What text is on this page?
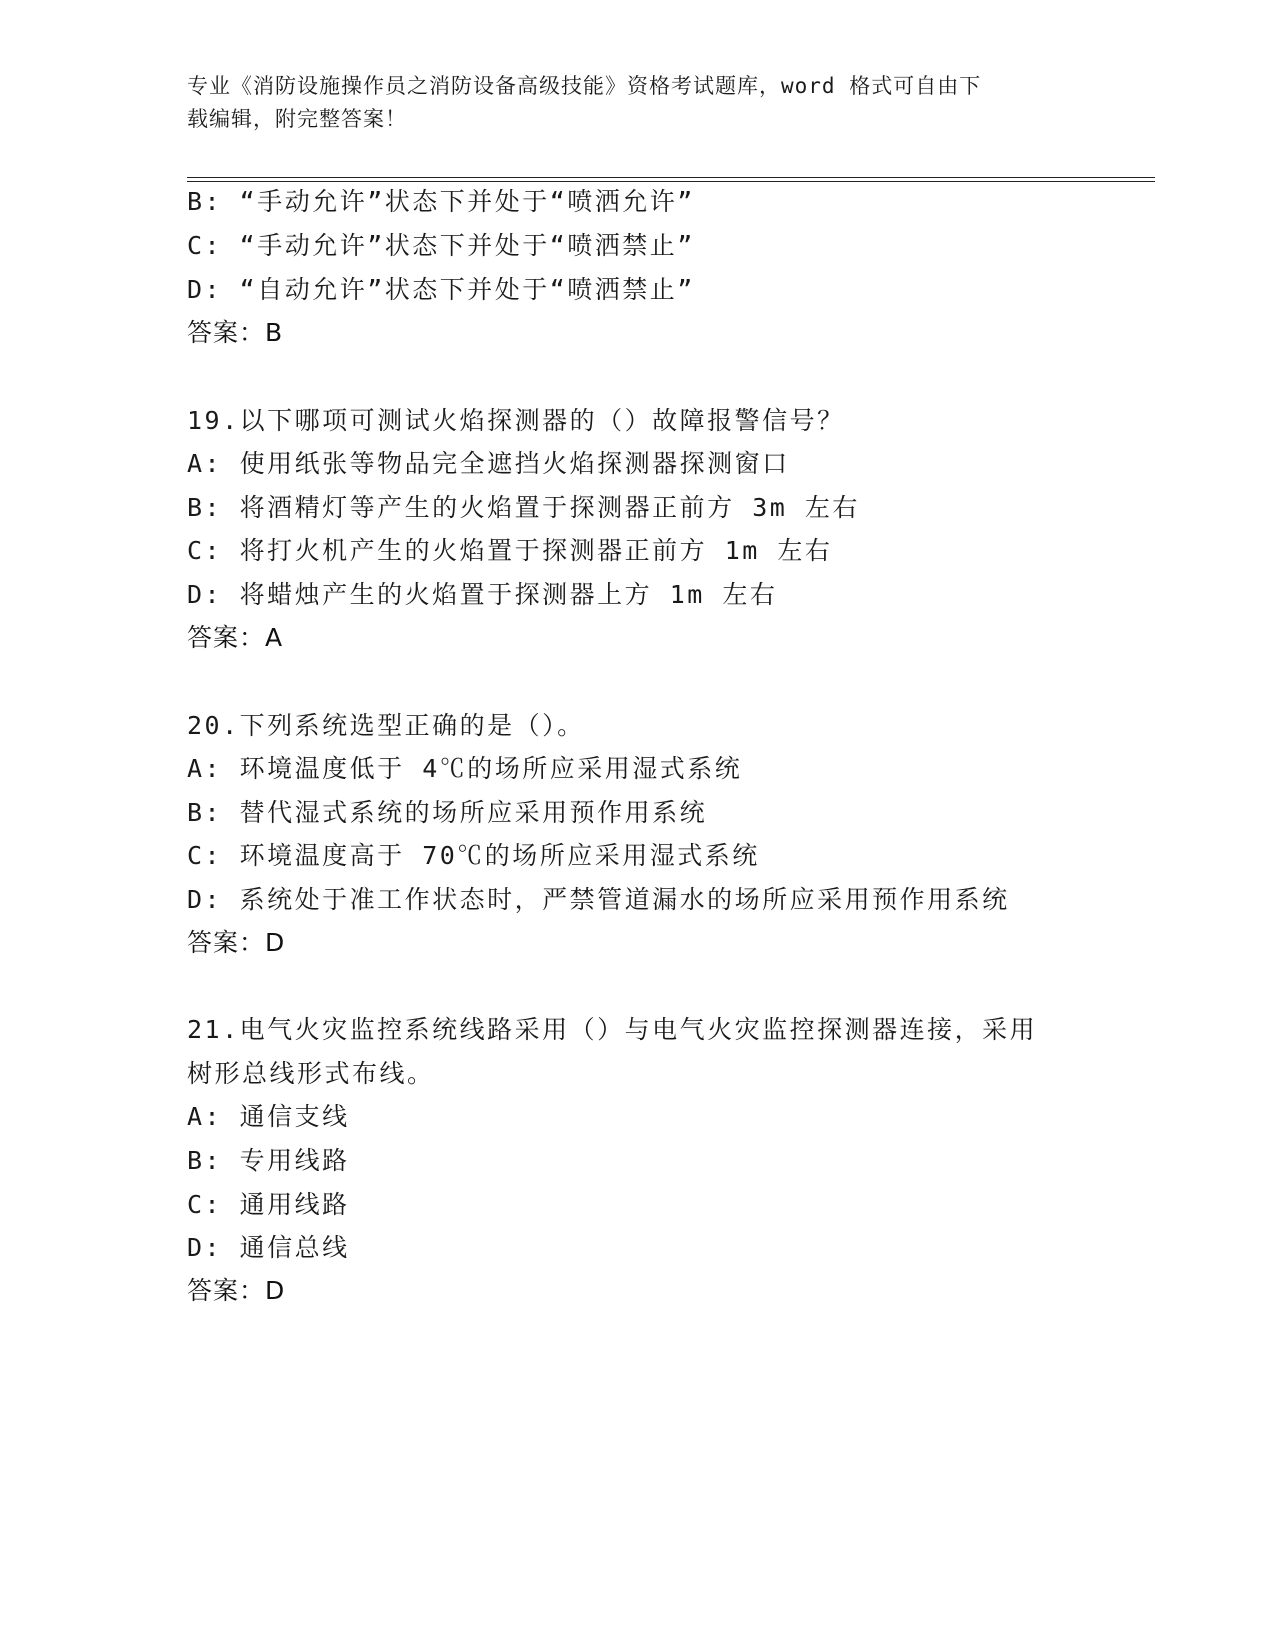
专业《消防设施操作员之消防设备高级技能》资格考试题库，word 格式可自由下
载编辑，附完整答案！
B: “手动允许”状态下并处于“喷洒允许”
C: “手动允许”状态下并处于“喷洒禁止”
D: “自动允许”状态下并处于“喷洒禁止”
答案：B
19.以下哪项可测试火焰探测器的（）故障报警信号？
A: 使用纸张等物品完全遮挡火焰探测器探测窗口
B: 将酒精灯等产生的火焰置于探测器正前方 3m 左右
C: 将打火机产生的火焰置于探测器正前方 1m 左右
D: 将蜡烛产生的火焰置于探测器上方 1m 左右
答案：A
20.下列系统选型正确的是（）。
A: 环境温度低于 4℃的场所应采用湿式系统
B: 替代湿式系统的场所应采用预作用系统
C: 环境温度高于 70℃的场所应采用湿式系统
D: 系统处于准工作状态时，严禁管道漏水的场所应采用预作用系统
答案：D
21.电气火灾监控系统线路采用（）与电气火灾监控探测器连接，采用
树形总线形式布线。
A: 通信支线
B: 专用线路
C: 通用线路
D: 通信总线
答案：D
